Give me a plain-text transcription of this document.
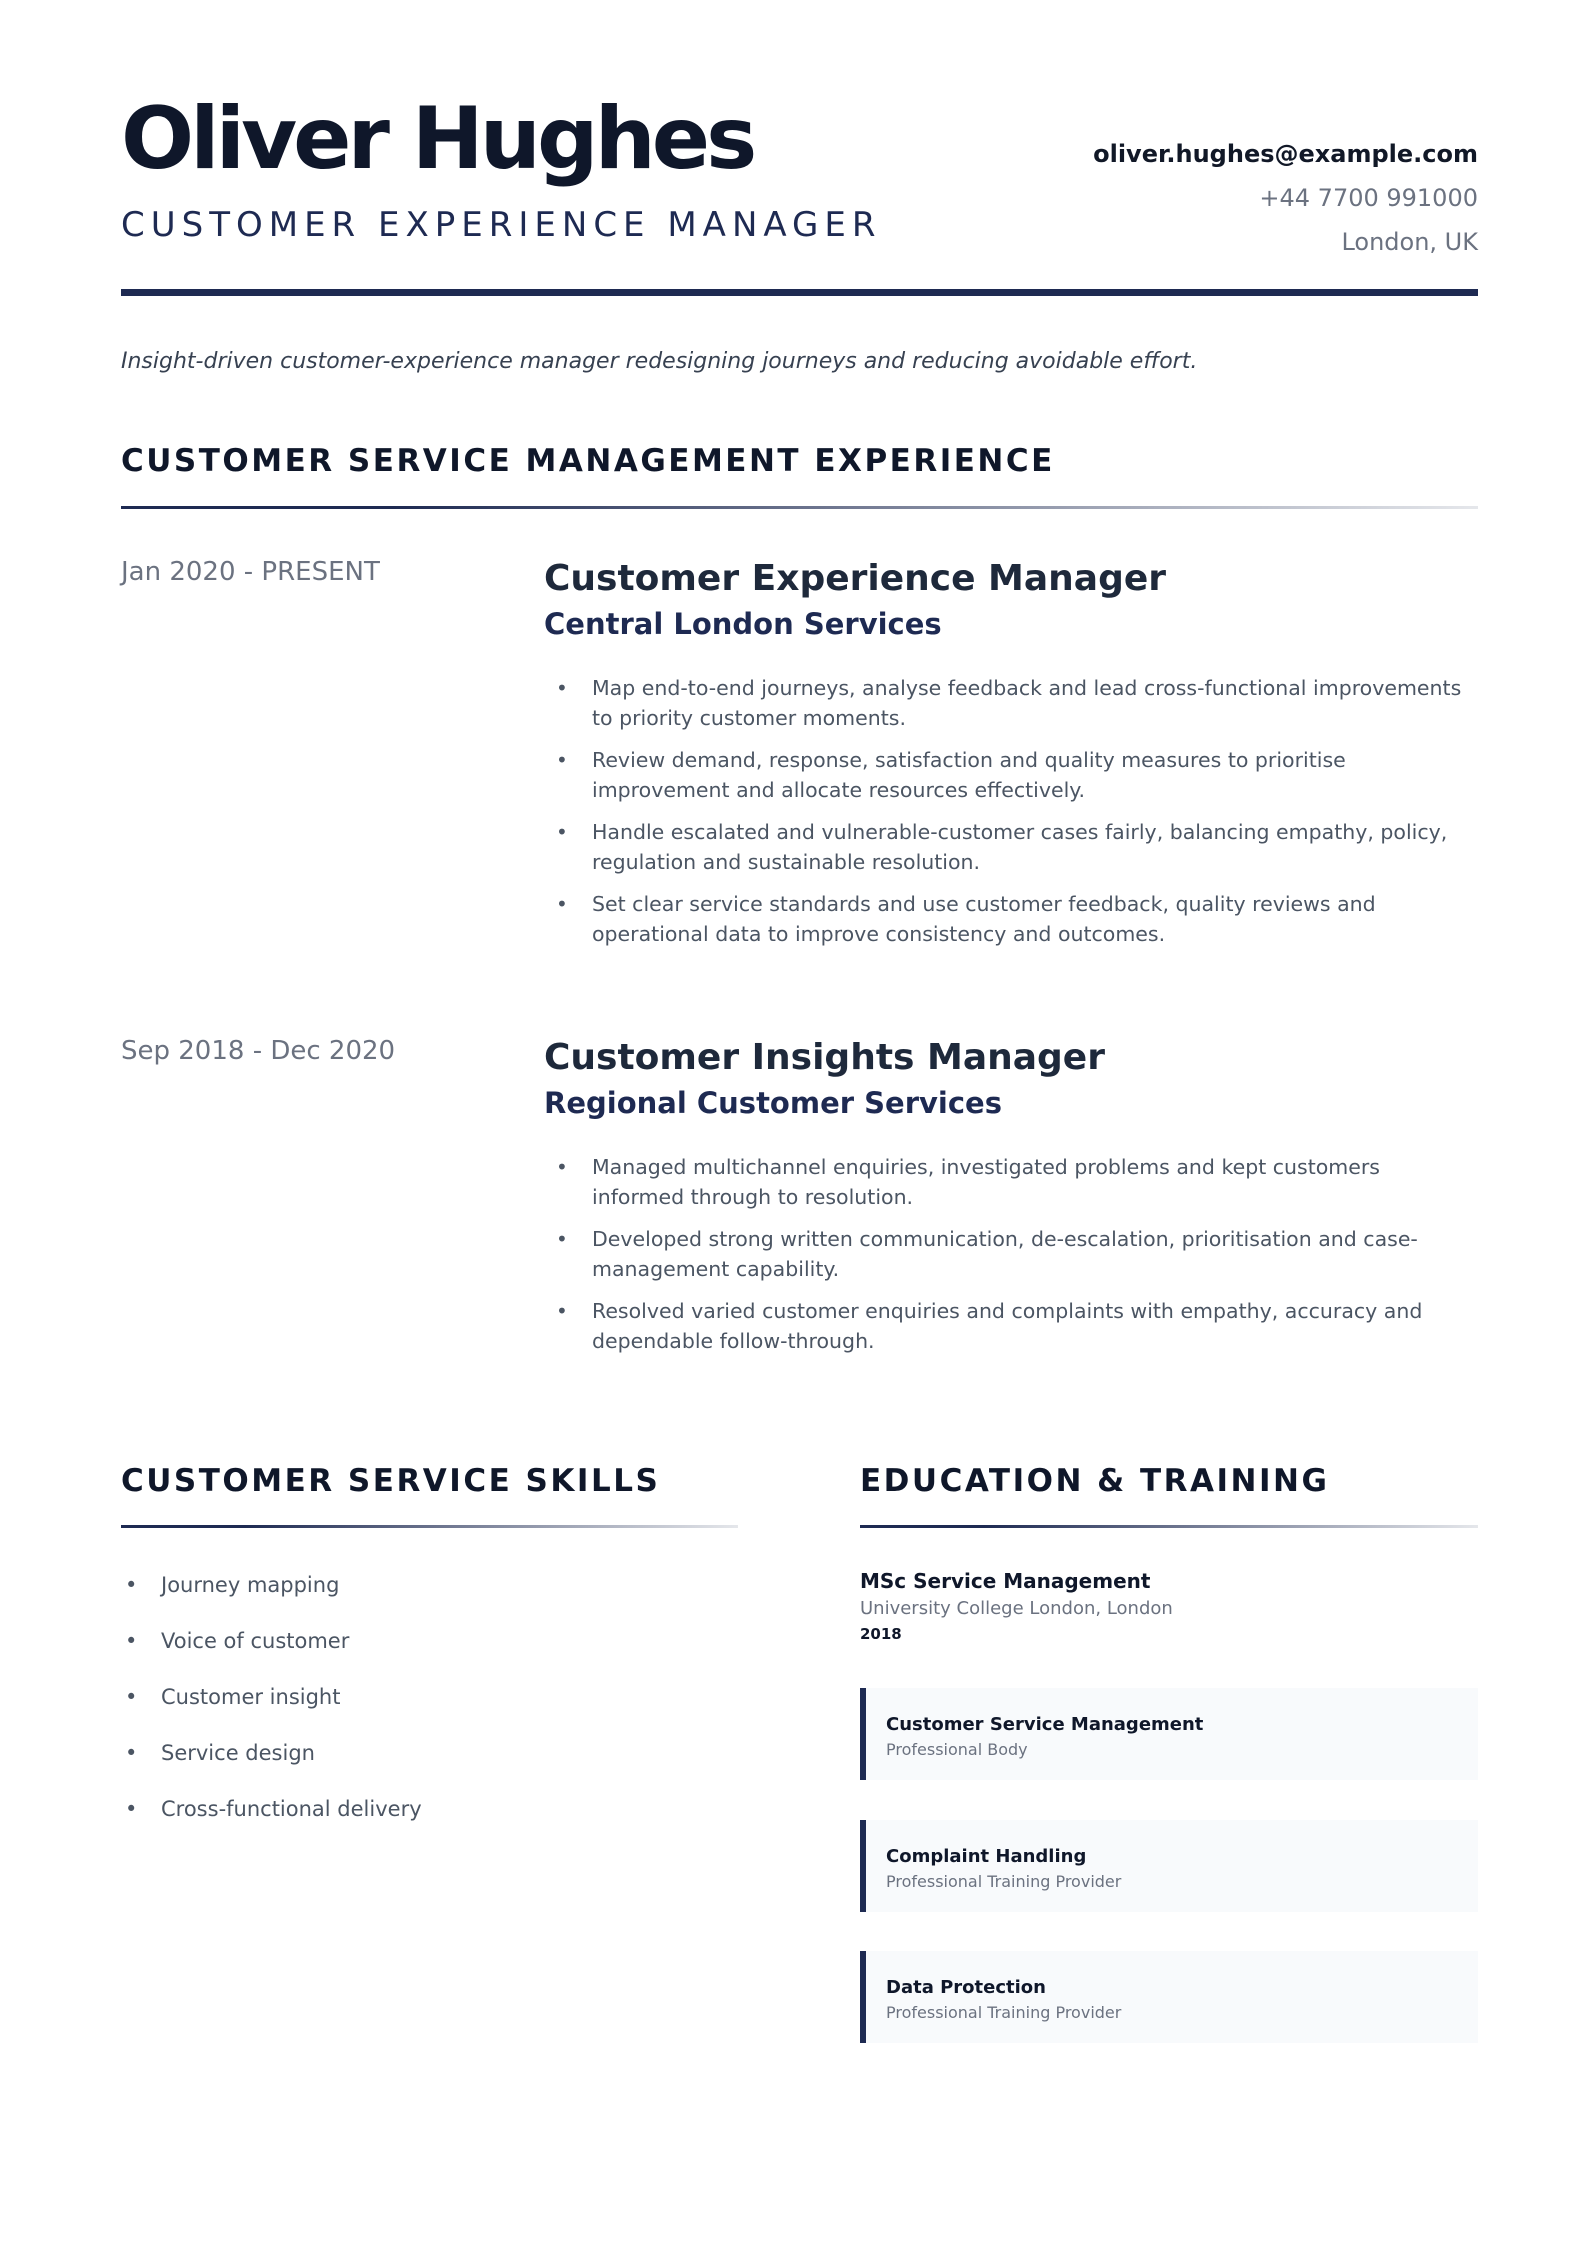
Oliver Hughes
CUSTOMER EXPERIENCE MANAGER
oliver.hughes@example.com
+44 7700 991000
London, UK
Insight-driven customer-experience manager redesigning journeys and reducing avoidable effort.
CUSTOMER SERVICE MANAGEMENT EXPERIENCE
Jan 2020 - PRESENT	Customer Experience Manager
Central London Services
• Map end-to-end journeys, analyse feedback and lead cross-functional improvements to priority customer moments.
• Review demand, response, satisfaction and quality measures to prioritise improvement and allocate resources effectively.
• Handle escalated and vulnerable-customer cases fairly, balancing empathy, policy, regulation and sustainable resolution.
• Set clear service standards and use customer feedback, quality reviews and operational data to improve consistency and outcomes.
Sep 2018 - Dec 2020	Customer Insights Manager
Regional Customer Services
• Managed multichannel enquiries, investigated problems and kept customers informed through to resolution.
• Developed strong written communication, de-escalation, prioritisation and case-management capability.
• Resolved varied customer enquiries and complaints with empathy, accuracy and dependable follow-through.
CUSTOMER SERVICE SKILLS
• Journey mapping
• Voice of customer
• Customer insight
• Service design
• Cross-functional delivery
EDUCATION & TRAINING
MSc Service Management
University College London, London
2018
Customer Service Management
Professional Body
Complaint Handling
Professional Training Provider
Data Protection
Professional Training Provider
